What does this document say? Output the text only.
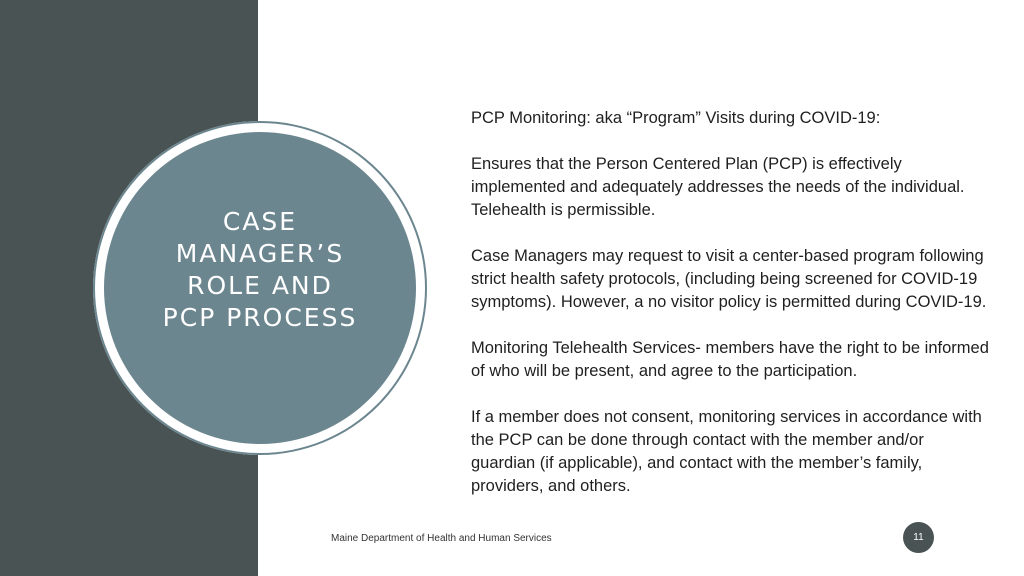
CASE MANAGER’S ROLE AND PCP PROCESS

PCP Monitoring: aka “Program” Visits during COVID-19:

Ensures that the Person Centered Plan (PCP) is effectively implemented and adequately addresses the needs of the individual. Telehealth is permissible.

Case Managers may request to visit a center-based program following strict health safety protocols, (including being screened for COVID-19 symptoms). However, a no visitor policy is permitted during COVID-19.

Monitoring Telehealth Services- members have the right to be informed of who will be present, and agree to the participation.

If a member does not consent, monitoring services in accordance with the PCP can be done through contact with the member and/or guardian (if applicable), and contact with the member’s family, providers, and others.

Maine Department of Health and Human Services	11
